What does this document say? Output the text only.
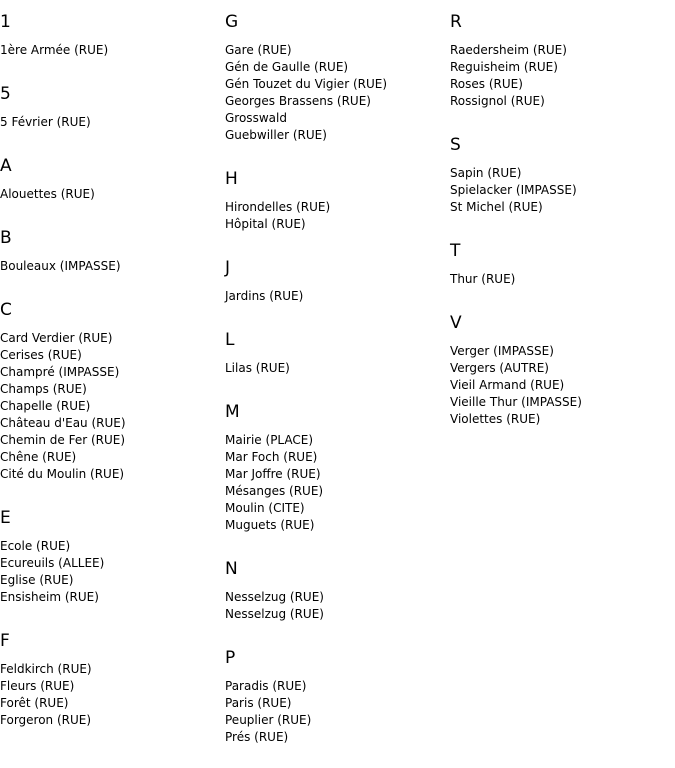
1
1ère Armée (RUE)
5
5 Février (RUE)
A
Alouettes (RUE)
B
Bouleaux (IMPASSE)
C
Card Verdier (RUE)
Cerises (RUE)
Champré (IMPASSE)
Champs (RUE)
Chapelle (RUE)
Château d'Eau (RUE)
Chemin de Fer (RUE)
Chêne (RUE)
Cité du Moulin (RUE)
E
Ecole (RUE)
Ecureuils (ALLEE)
Eglise (RUE)
Ensisheim (RUE)
F
Feldkirch (RUE)
Fleurs (RUE)
Forêt (RUE)
Forgeron (RUE)
G
Gare (RUE)
Gén de Gaulle (RUE)
Gén Touzet du Vigier (RUE)
Georges Brassens (RUE)
Grosswald
Guebwiller (RUE)
H
Hirondelles (RUE)
Hôpital (RUE)
J
Jardins (RUE)
L
Lilas (RUE)
M
Mairie (PLACE)
Mar Foch (RUE)
Mar Joffre (RUE)
Mésanges (RUE)
Moulin (CITE)
Muguets (RUE)
N
Nesselzug (RUE)
Nesselzug (RUE)
P
Paradis (RUE)
Paris (RUE)
Peuplier (RUE)
Prés (RUE)
R
Raedersheim (RUE)
Reguisheim (RUE)
Roses (RUE)
Rossignol (RUE)
S
Sapin (RUE)
Spielacker (IMPASSE)
St Michel (RUE)
T
Thur (RUE)
V
Verger (IMPASSE)
Vergers (AUTRE)
Vieil Armand (RUE)
Vieille Thur (IMPASSE)
Violettes (RUE)
